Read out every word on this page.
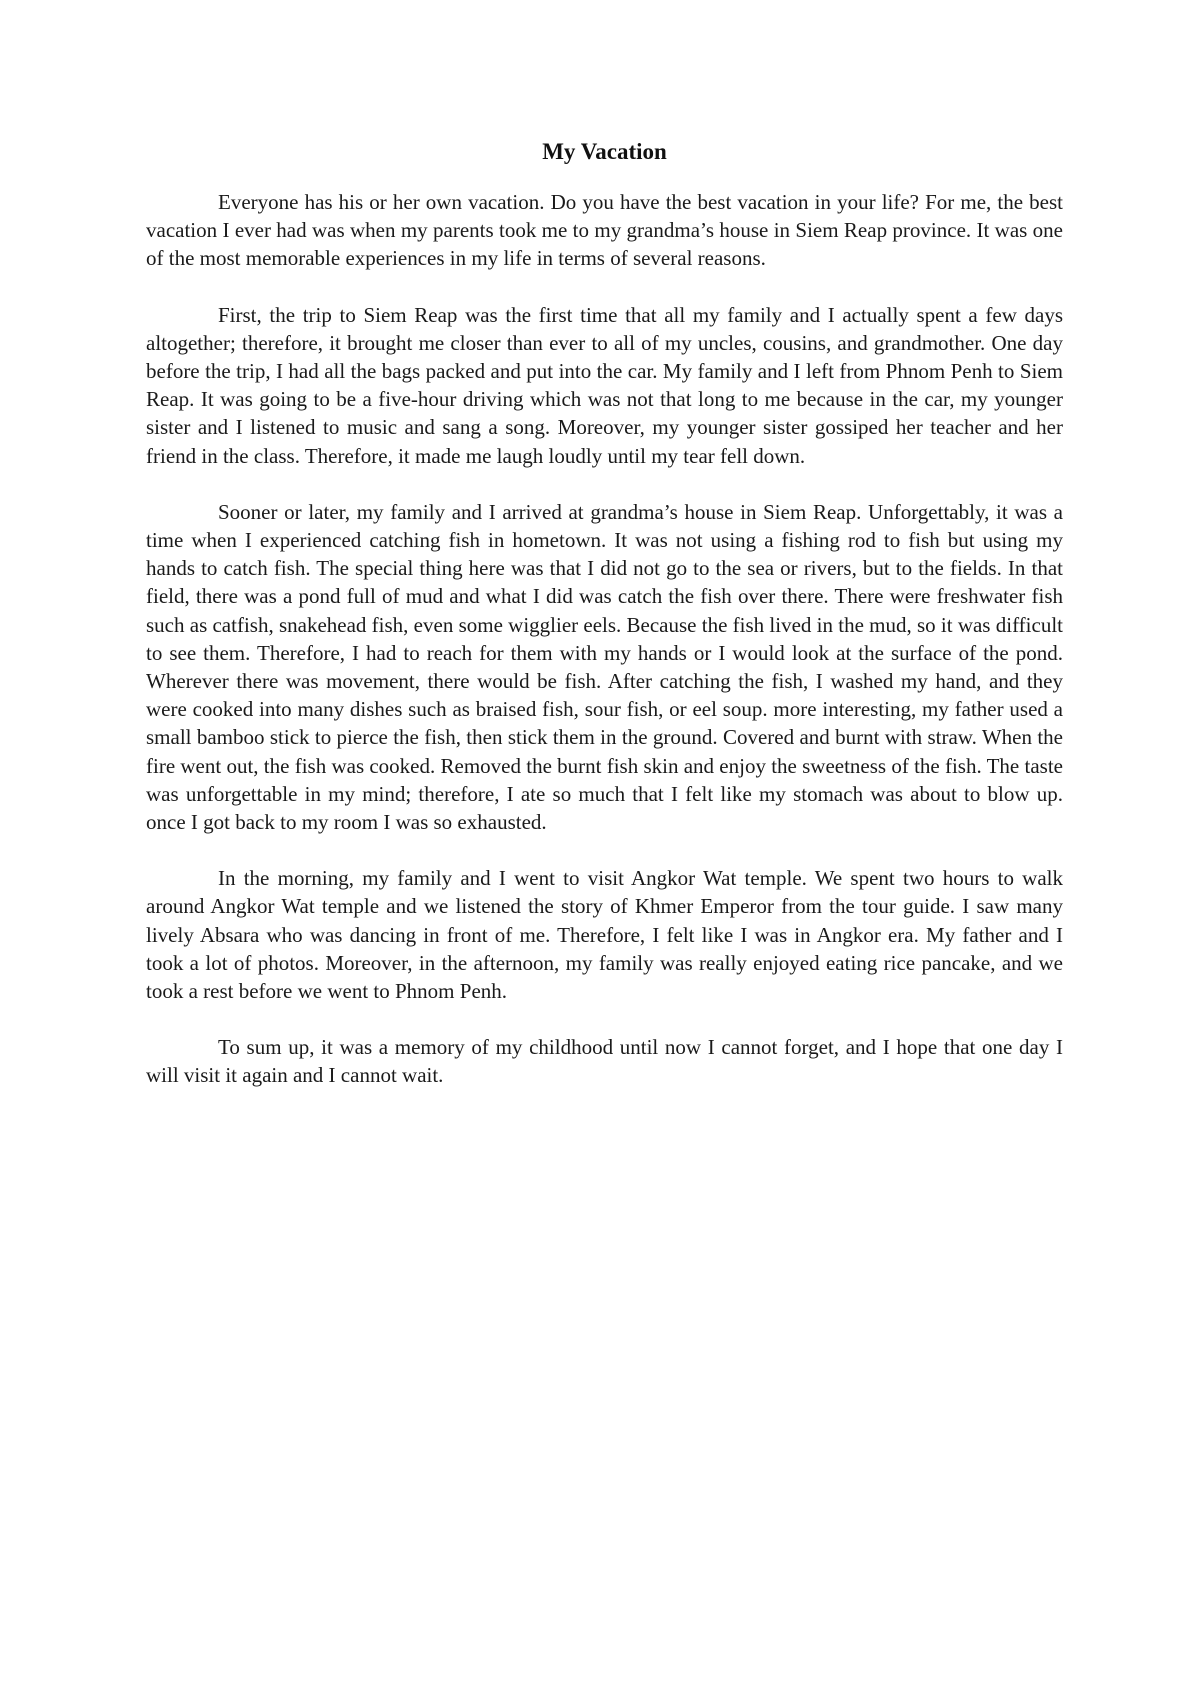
My Vacation

Everyone has his or her own vacation. Do you have the best vacation in your life? For me, the best vacation I ever had was when my parents took me to my grandma’s house in Siem Reap province. It was one of the most memorable experiences in my life in terms of several reasons.

First, the trip to Siem Reap was the first time that all my family and I actually spent a few days altogether; therefore, it brought me closer than ever to all of my uncles, cousins, and grandmother. One day before the trip, I had all the bags packed and put into the car. My family and I left from Phnom Penh to Siem Reap. It was going to be a five-hour driving which was not that long to me because in the car, my younger sister and I listened to music and sang a song. Moreover, my younger sister gossiped her teacher and her friend in the class. Therefore, it made me laugh loudly until my tear fell down.

Sooner or later, my family and I arrived at grandma’s house in Siem Reap. Unforgettably, it was a time when I experienced catching fish in hometown. It was not using a fishing rod to fish but using my hands to catch fish. The special thing here was that I did not go to the sea or rivers, but to the fields. In that field, there was a pond full of mud and what I did was catch the fish over there. There were freshwater fish such as catfish, snakehead fish, even some wigglier eels. Because the fish lived in the mud, so it was difficult to see them. Therefore, I had to reach for them with my hands or I would look at the surface of the pond. Wherever there was movement, there would be fish. After catching the fish, I washed my hand, and they were cooked into many dishes such as braised fish, sour fish, or eel soup. more interesting, my father used a small bamboo stick to pierce the fish, then stick them in the ground. Covered and burnt with straw. When the fire went out, the fish was cooked. Removed the burnt fish skin and enjoy the sweetness of the fish. The taste was unforgettable in my mind; therefore, I ate so much that I felt like my stomach was about to blow up. once I got back to my room I was so exhausted.

In the morning, my family and I went to visit Angkor Wat temple. We spent two hours to walk around Angkor Wat temple and we listened the story of Khmer Emperor from the tour guide. I saw many lively Absara who was dancing in front of me. Therefore, I felt like I was in Angkor era. My father and I took a lot of photos. Moreover, in the afternoon, my family was really enjoyed eating rice pancake, and we took a rest before we went to Phnom Penh.

To sum up, it was a memory of my childhood until now I cannot forget, and I hope that one day I will visit it again and I cannot wait.
